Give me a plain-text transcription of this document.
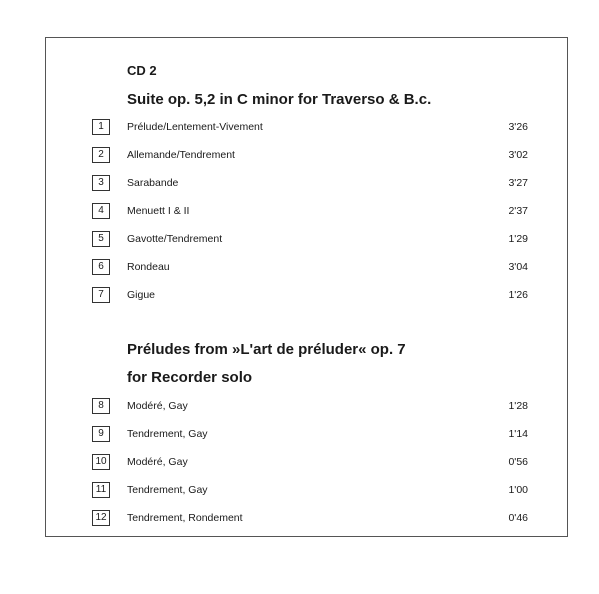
CD 2
Suite op. 5,2 in C minor for Traverso & B.c.
1	Prélude/Lentement-Vivement	3'26
2	Allemande/Tendrement	3'02
3	Sarabande	3'27
4	Menuett I & II	2'37
5	Gavotte/Tendrement	1'29
6	Rondeau	3'04
7	Gigue	1'26
Préludes from »L'art de préluder« op. 7
for Recorder solo
8	Modéré, Gay	1'28
9	Tendrement, Gay	1'14
10	Modéré, Gay	0'56
11	Tendrement, Gay	1'00
12	Tendrement, Rondement	0'46
